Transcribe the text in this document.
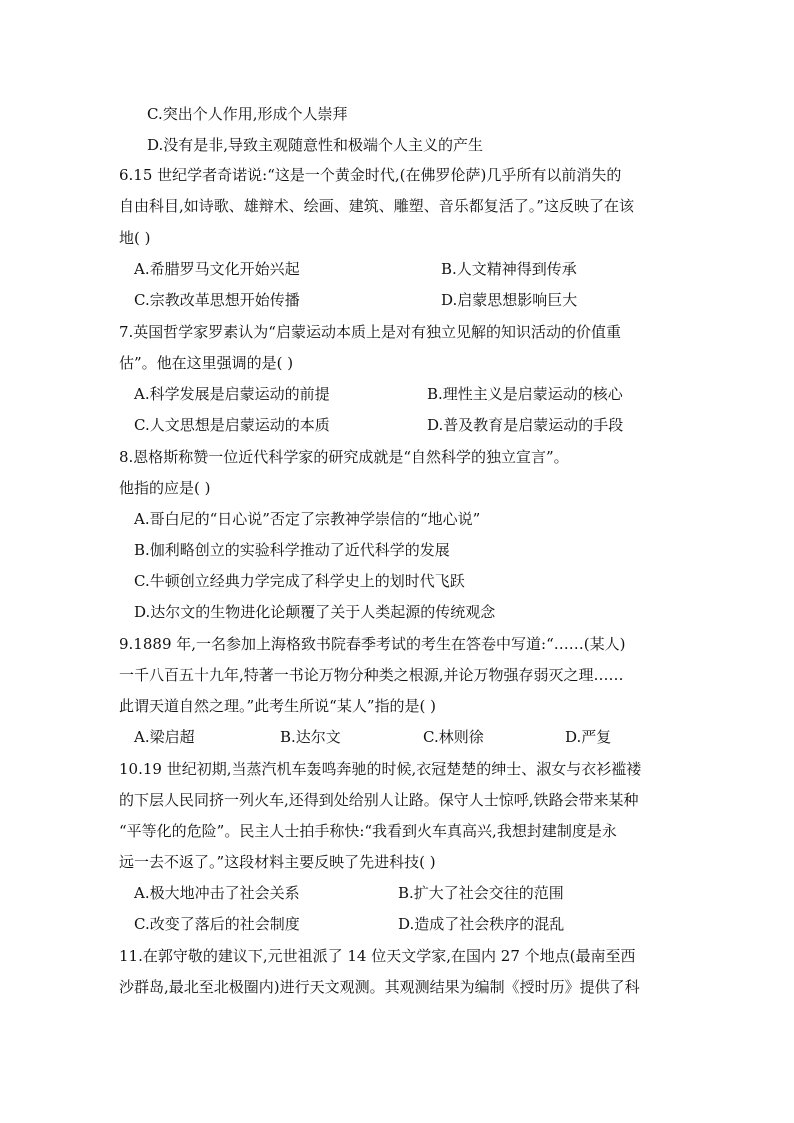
C.突出个人作用,形成个人崇拜
D.没有是非,导致主观随意性和极端个人主义的产生
6.15 世纪学者奇诺说:“这是一个黄金时代,(在佛罗伦萨)几乎所有以前消失的
自由科目,如诗歌、雄辩术、绘画、建筑、雕塑、音乐都复活了。”这反映了在该
地( )
A.希腊罗马文化开始兴起	B.人文精神得到传承
C.宗教改革思想开始传播	D.启蒙思想影响巨大
7.英国哲学家罗素认为“启蒙运动本质上是对有独立见解的知识活动的价值重
估”。他在这里强调的是( )
A.科学发展是启蒙运动的前提	B.理性主义是启蒙运动的核心
C.人文思想是启蒙运动的本质	D.普及教育是启蒙运动的手段
8.恩格斯称赞一位近代科学家的研究成就是“自然科学的独立宣言”。
他指的应是( )
A.哥白尼的“日心说”否定了宗教神学崇信的“地心说”
B.伽利略创立的实验科学推动了近代科学的发展
C.牛顿创立经典力学完成了科学史上的划时代飞跃
D.达尔文的生物进化论颠覆了关于人类起源的传统观念
9.1889 年,一名参加上海格致书院春季考试的考生在答卷中写道:“……(某人)
一千八百五十九年,特著一书论万物分种类之根源,并论万物强存弱灭之理……
此谓天道自然之理。”此考生所说“某人”指的是( )
A.梁启超	B.达尔文	C.林则徐	D.严复
10.19 世纪初期,当蒸汽机车轰鸣奔驰的时候,衣冠楚楚的绅士、淑女与衣衫褴褛
的下层人民同挤一列火车,还得到处给别人让路。保守人士惊呼,铁路会带来某种
“平等化的危险”。民主人士拍手称快:“我看到火车真高兴,我想封建制度是永
远一去不返了。”这段材料主要反映了先进科技( )
A.极大地冲击了社会关系	B.扩大了社会交往的范围
C.改变了落后的社会制度	D.造成了社会秩序的混乱
11.在郭守敬的建议下,元世祖派了 14 位天文学家,在国内 27 个地点(最南至西
沙群岛,最北至北极圈内)进行天文观测。其观测结果为编制《授时历》提供了科
